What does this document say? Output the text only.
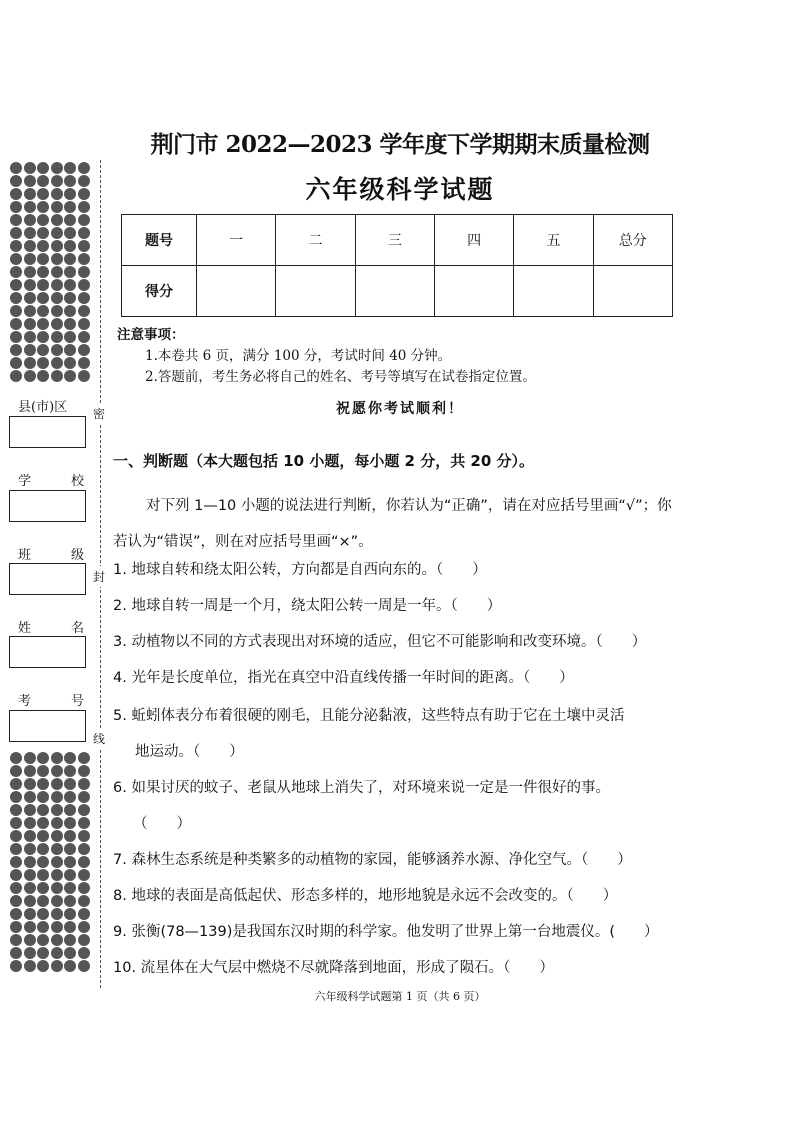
县(市)区
学	校
班	级
姓	名
考	号
密
封
线
荆门市 2022—2023 学年度下学期期末质量检测
六年级科学试题
题号	一	二	三	四	五	总分
得分						
注意事项：
1.本卷共 6 页，满分 100 分，考试时间 40 分钟。
2.答题前，考生务必将自己的姓名、考号等填写在试卷指定位置。
祝愿你考试顺利！
一、判断题（本大题包括 10 小题，每小题 2 分，共 20 分）。
对下列 1—10 小题的说法进行判断，你若认为“正确”，请在对应括号里画“√”；你若认为“错误”，则在对应括号里画“×”。
1. 地球自转和绕太阳公转，方向都是自西向东的。（　　）
2. 地球自转一周是一个月，绕太阳公转一周是一年。（　　）
3. 动植物以不同的方式表现出对环境的适应，但它不可能影响和改变环境。（　　）
4. 光年是长度单位，指光在真空中沿直线传播一年时间的距离。（　　）
5. 蚯蚓体表分布着很硬的刚毛，且能分泌黏液，这些特点有助于它在土壤中灵活
地运动。（　　）
6. 如果讨厌的蚊子、老鼠从地球上消失了，对环境来说一定是一件很好的事。
（　　）
7. 森林生态系统是种类繁多的动植物的家园，能够涵养水源、净化空气。（　　）
8. 地球的表面是高低起伏、形态多样的，地形地貌是永远不会改变的。（　　）
9. 张衡(78—139)是我国东汉时期的科学家。他发明了世界上第一台地震仪。(　　）
10. 流星体在大气层中燃烧不尽就降落到地面，形成了陨石。（　　）
六年级科学试题第 1 页（共 6 页）
